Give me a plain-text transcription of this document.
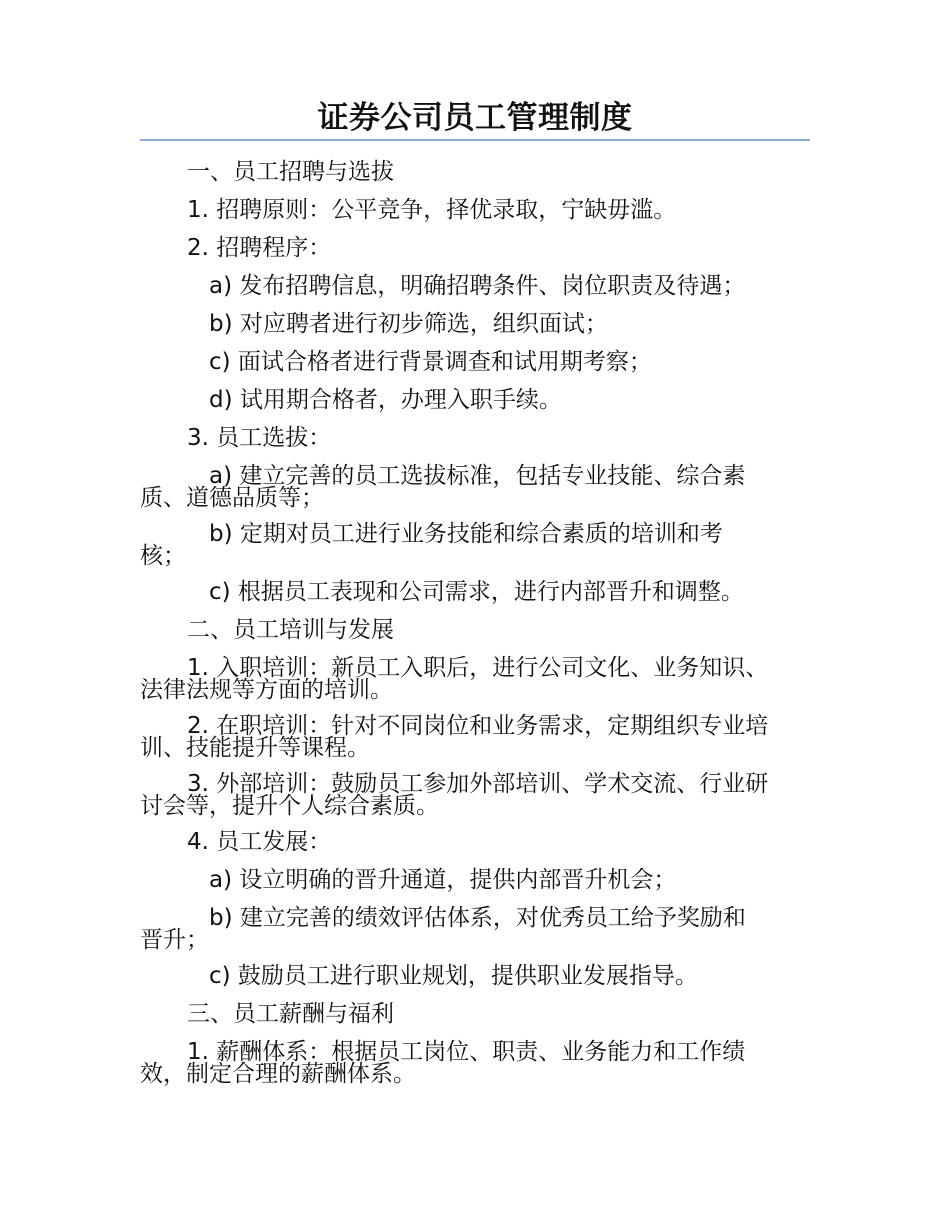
证券公司员工管理制度
一、员工招聘与选拔
1. 招聘原则：公平竞争，择优录取，宁缺毋滥。
2. 招聘程序：
a) 发布招聘信息，明确招聘条件、岗位职责及待遇；
b) 对应聘者进行初步筛选，组织面试；
c) 面试合格者进行背景调查和试用期考察；
d) 试用期合格者，办理入职手续。
3. 员工选拔：
a) 建立完善的员工选拔标准，包括专业技能、综合素
质、道德品质等；
b) 定期对员工进行业务技能和综合素质的培训和考
核；
c) 根据员工表现和公司需求，进行内部晋升和调整。
二、员工培训与发展
1. 入职培训：新员工入职后，进行公司文化、业务知识、
法律法规等方面的培训。
2. 在职培训：针对不同岗位和业务需求，定期组织专业培
训、技能提升等课程。
3. 外部培训：鼓励员工参加外部培训、学术交流、行业研
讨会等，提升个人综合素质。
4. 员工发展：
a) 设立明确的晋升通道，提供内部晋升机会；
b) 建立完善的绩效评估体系，对优秀员工给予奖励和
晋升；
c) 鼓励员工进行职业规划，提供职业发展指导。
三、员工薪酬与福利
1. 薪酬体系：根据员工岗位、职责、业务能力和工作绩
效，制定合理的薪酬体系。
